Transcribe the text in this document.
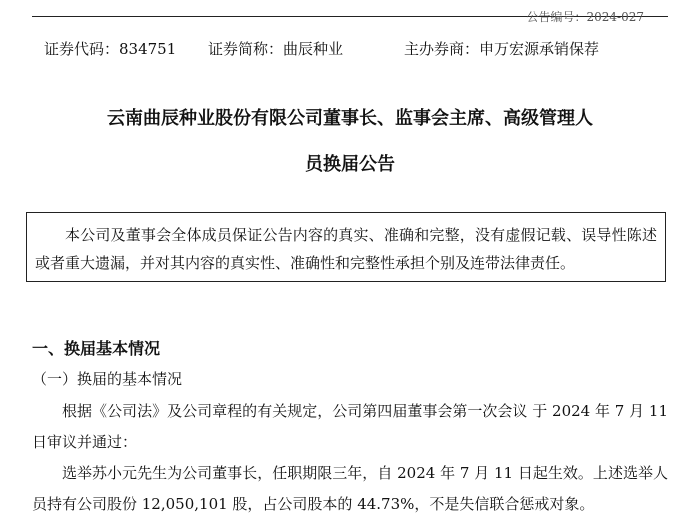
公告编号：2024-027
证券代码：834751	证券简称：曲辰种业	主办券商：申万宏源承销保荐
云南曲辰种业股份有限公司董事长、监事会主席、高级管理人
员换届公告

本公司及董事会全体成员保证公告内容的真实、准确和完整，没有虚假记载、误导性陈述或者重大遗漏，并对其内容的真实性、准确性和完整性承担个别及连带法律责任。

一、换届基本情况
（一）换届的基本情况

根据《公司法》及公司章程的有关规定，公司第四届董事会第一次会议 于 2024 年 7 月 11 日审议并通过：

选举苏小元先生为公司董事长，任职期限三年，自 2024 年 7 月 11 日起生效。上述选举人员持有公司股份 12,050,101 股，占公司股本的 44.73%，不是失信联合惩戒对象。
